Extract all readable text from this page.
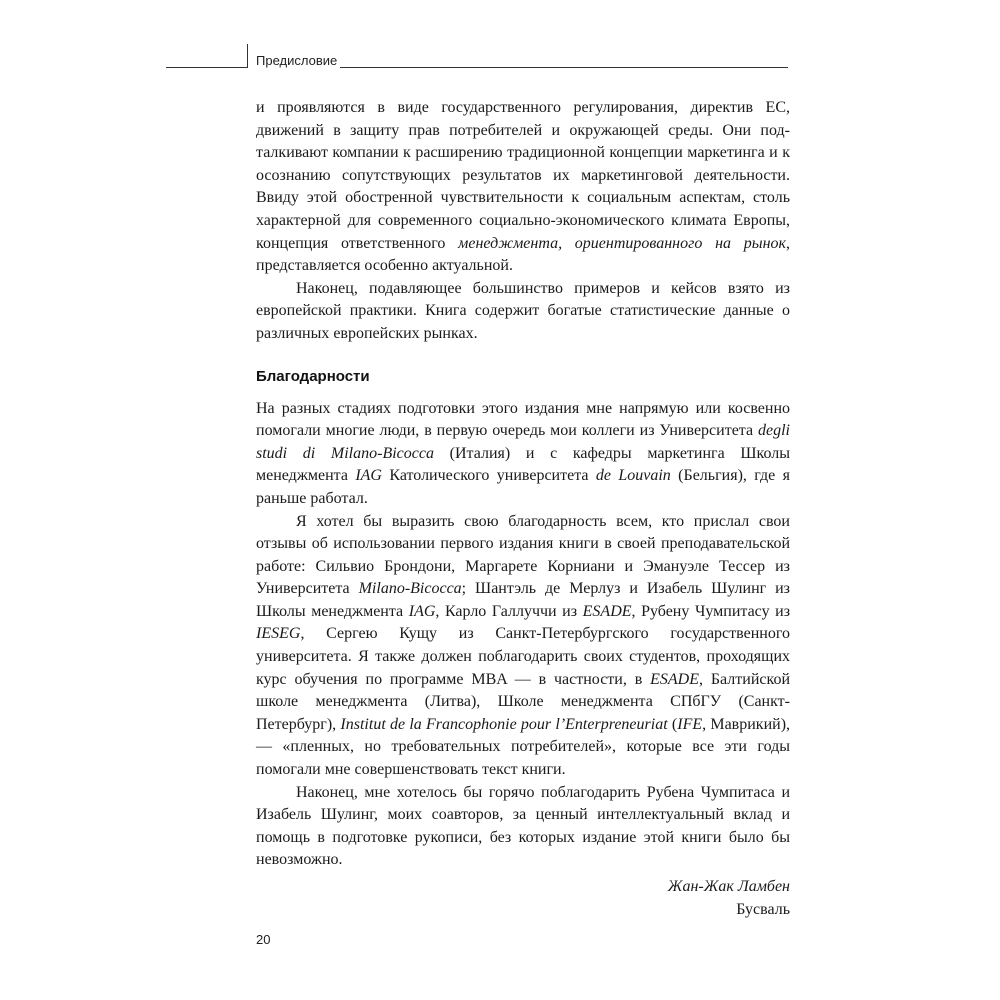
Предисловие

и проявляются в виде государственного регулирования, директив ЕС, движений в защиту прав потребителей и окружающей среды. Они подталкивают компании к расширению традиционной концепции маркетинга и к осознанию сопутствующих результатов их маркетинговой деятельности. Ввиду этой обостренной чувствительности к социальным аспектам, столь характерной для современного социально-экономического климата Европы, концепция ответственного менеджмента, ориентированного на рынок, представляется особенно актуальной.

Наконец, подавляющее большинство примеров и кейсов взято из европейской практики. Книга содержит богатые статистические данные о различных европейских рынках.

Благодарности

На разных стадиях подготовки этого издания мне напрямую или косвенно помогали многие люди, в первую очередь мои коллеги из Университета degli studi di Milano-Bicocca (Италия) и с кафедры маркетинга Школы менеджмента IAG Католического университета de Louvain (Бельгия), где я раньше работал.

Я хотел бы выразить свою благодарность всем, кто прислал свои отзывы об использовании первого издания книги в своей преподавательской работе: Сильвио Брондони, Маргарете Корниани и Эмануэле Тессер из Университета Milano-Bicocca; Шантэль де Мерлуз и Изабель Шулинг из Школы менеджмента IAG, Карло Галлуччи из ESADE, Рубену Чумпитасу из IESEG, Сергею Кущу из Санкт-Петербургского государственного университета. Я также должен поблагодарить своих студентов, проходящих курс обучения по программе MBA — в частности, в ESADE, Балтийской школе менеджмента (Литва), Школе менеджмента СПбГУ (Санкт-Петербург), Institut de la Francophonie pour l’Enterpreneuriat (IFE, Маврикий), — «пленных, но требовательных потребителей», которые все эти годы помогали мне совершенствовать текст книги.

Наконец, мне хотелось бы горячо поблагодарить Рубена Чумпитаса и Изабель Шулинг, моих соавторов, за ценный интеллектуальный вклад и помощь в подготовке рукописи, без которых издание этой книги было бы невозможно.

Жан-Жак Ламбен
Бусваль
20
